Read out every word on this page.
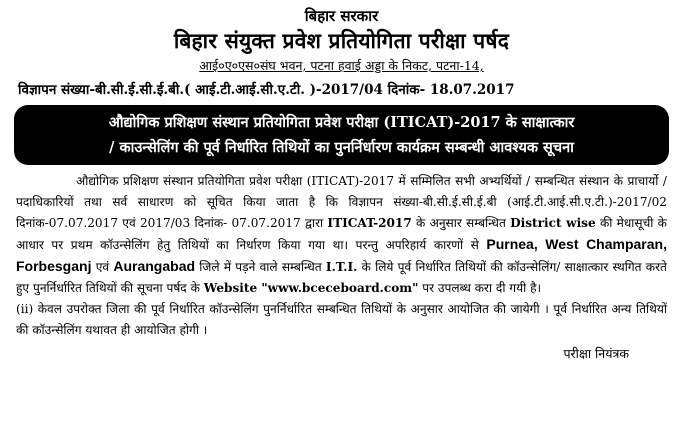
बिहार सरकार
बिहार संयुक्त प्रवेश प्रतियोगिता परीक्षा पर्षद
आई०ए०एस०संघ भवन, पटना हवाई अड्डा के निकट, पटना-14,
विज्ञापन संख्या-बी.सी.ई.सी.ई.बी.( आई.टी.आई.सी.ए.टी. )-2017/04 दिनांक- 18.07.2017
औद्योगिक प्रशिक्षण संस्थान प्रतियोगिता प्रवेश परीक्षा (ITICAT)-2017 के साक्षात्कार
/ काउन्सेलिंग की पूर्व निर्धारित तिथियों का पुनर्निर्धारण कार्यक्रम सम्बन्धी आवश्यक सूचना

औद्योगिक प्रशिक्षण संस्थान प्रतियोगिता प्रवेश परीक्षा (ITICAT)-2017 में सम्मिलित सभी अभ्यर्थियों / सम्बन्धित संस्थान के प्राचार्यो / पदाधिकारियों तथा सर्व साधारण को सूचित किया जाता है कि विज्ञापन संख्या-बी.सी.ई.सी.ई.बी (आई.टी.आई.सी.ए.टी.)-2017/02 दिनांक-07.07.2017 एवं 2017/03 दिनांक- 07.07.2017 द्वारा ITICAT-2017 के अनुसार सम्बन्धित District wise की मेधासूची के आधार पर प्रथम कॉउन्सेलिंग हेतु तिथियों का निर्धारण किया गया था। परन्तु अपरिहार्य कारणों से Purnea, West Champaran, Forbesganj एवं Aurangabad जिले में पड़ने वाले सम्बन्धित I.T.I. के लिये पूर्व निर्धारित तिथियों की कॉउन्सेलिंग/ साक्षात्कार स्थगित करते हुए पुनर्निर्धारित तिथियों की सूचना पर्षद के Website "www.bceceboard.com" पर उपलब्ध करा दी गयी है।

(ii) केवल उपरोक्त जिला की पूर्व निर्धारित कॉउन्सेलिंग पुनर्निर्धारित सम्बन्धित तिथियों के अनुसार आयोजित की जायेगी । पूर्व निर्धारित अन्य तिथियों की कॉउन्सेलिंग यथावत ही आयोजित होगी ।

परीक्षा नियंत्रक
